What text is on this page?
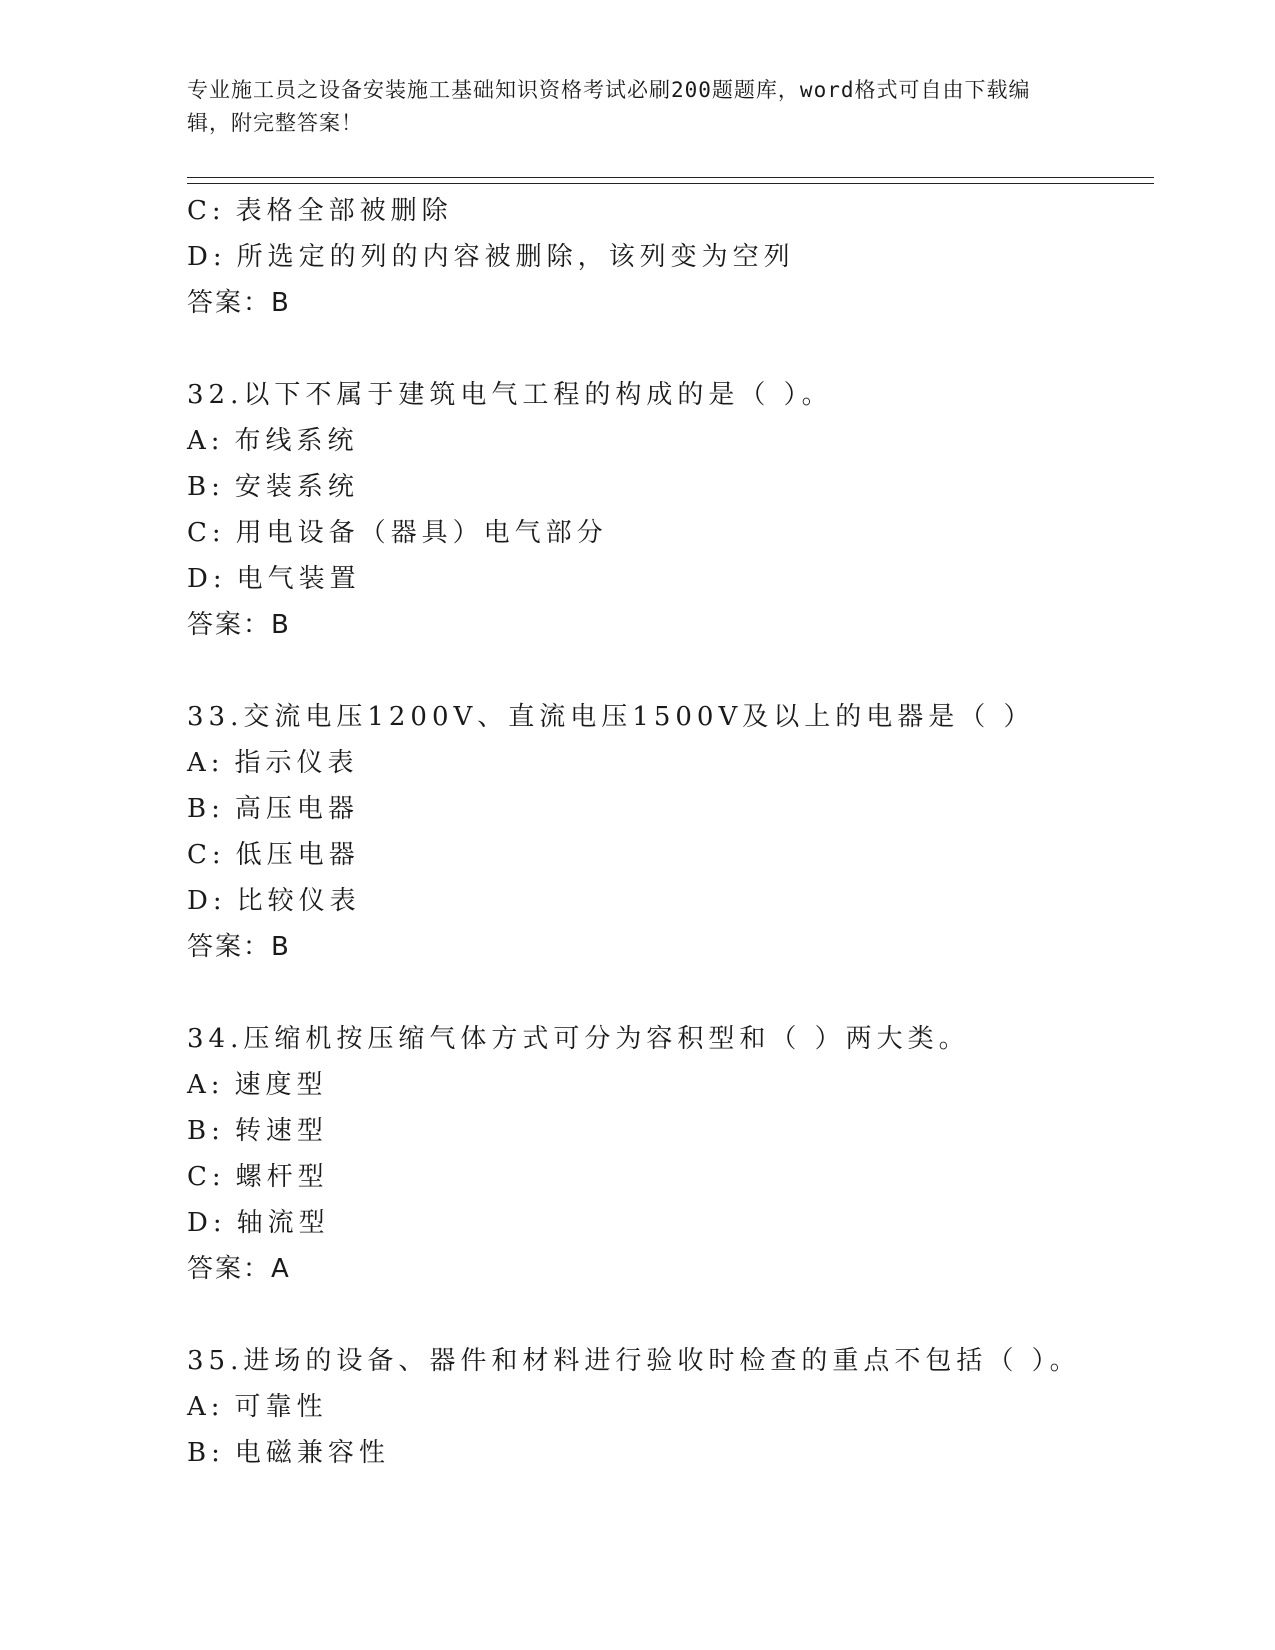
专业施工员之设备安装施工基础知识资格考试必刷200题题库，word格式可自由下载编辑，附完整答案！
C: 表格全部被删除
D: 所选定的列的内容被删除，该列变为空列
答案：B
32.以下不属于建筑电气工程的构成的是（ ）。
A: 布线系统
B: 安装系统
C: 用电设备（器具）电气部分
D: 电气装置
答案：B
33.交流电压1200V、直流电压1500V及以上的电器是（ ）
A: 指示仪表
B: 高压电器
C: 低压电器
D: 比较仪表
答案：B
34.压缩机按压缩气体方式可分为容积型和（ ）两大类。
A: 速度型
B: 转速型
C: 螺杆型
D: 轴流型
答案：A
35.进场的设备、器件和材料进行验收时检查的重点不包括（ ）。
A: 可靠性
B: 电磁兼容性
